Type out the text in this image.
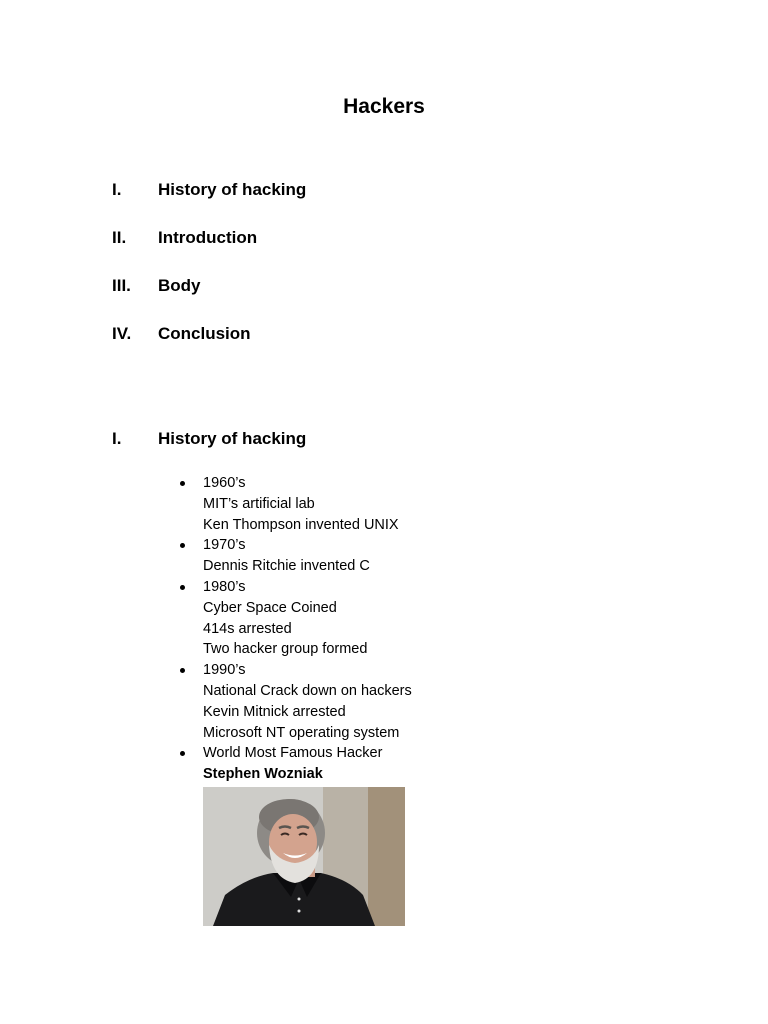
Hackers
I. History of hacking
II. Introduction
III. Body
IV. Conclusion
I. History of hacking
1960’s
MIT’s artificial lab
Ken Thompson invented UNIX
1970’s
Dennis Ritchie invented C
1980’s
Cyber Space Coined
414s arrested
Two hacker group formed
1990’s
National Crack down on hackers
Kevin Mitnick arrested
Microsoft NT operating system
World Most Famous Hacker
Stephen Wozniak
